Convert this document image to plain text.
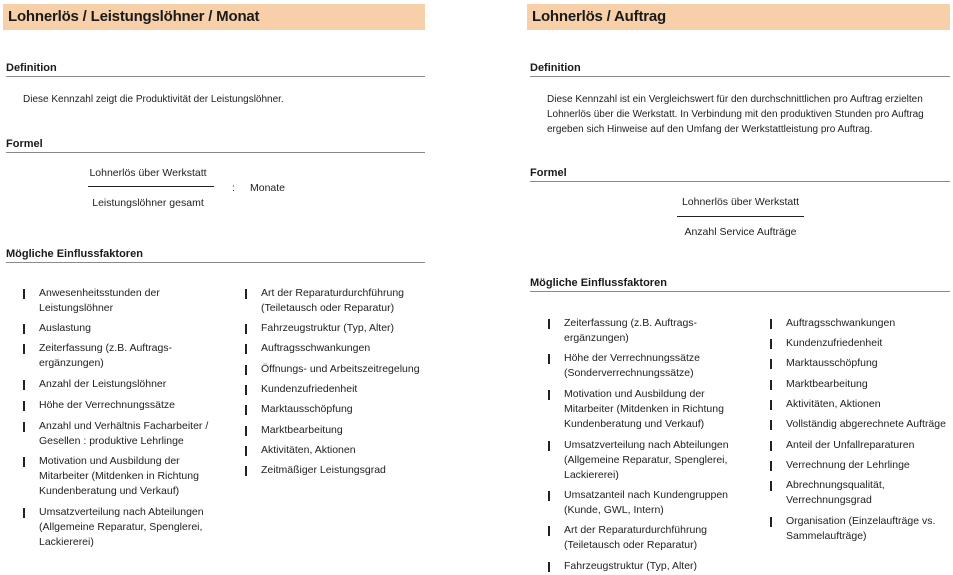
Lohnerlös / Leistungslöhner / Monat
Definition
Diese Kennzahl zeigt die Produktivität der Leistungslöhner.
Formel
Lohnerlös über Werkstatt
Leistungslöhner gesamt
: Monate
Mögliche Einflussfaktoren
Anwesenheitsstunden der Leistungslöhner
Auslastung
Zeiterfassung (z.B. Auftrags-ergänzungen)
Anzahl der Leistungslöhner
Höhe der Verrechnungssätze
Anzahl und Verhältnis Facharbeiter / Gesellen : produktive Lehrlinge
Motivation und Ausbildung der Mitarbeiter (Mitdenken in Richtung Kundenberatung und Verkauf)
Umsatzverteilung nach Abteilungen (Allgemeine Reparatur, Spenglerei, Lackiererei)
Art der Reparaturdurchführung (Teiletausch oder Reparatur)
Fahrzeugstruktur (Typ, Alter)
Auftragsschwankungen
Öffnungs- und Arbeitszeitregelung
Kundenzufriedenheit
Marktausschöpfung
Marktbearbeitung
Aktivitäten, Aktionen
Zeitmäßiger Leistungsgrad
Lohnerlös / Auftrag
Definition
Diese Kennzahl ist ein Vergleichswert für den durchschnittlichen pro Auftrag erzielten Lohnerlös über die Werkstatt. In Verbindung mit den produktiven Stunden pro Auftrag ergeben sich Hinweise auf den Umfang der Werkstattleistung pro Auftrag.
Formel
Lohnerlös über Werkstatt
Anzahl Service Aufträge
Mögliche Einflussfaktoren
Zeiterfassung (z.B. Auftrags-ergänzungen)
Höhe der Verrechnungssätze (Sonderverrechnungssätze)
Motivation und Ausbildung der Mitarbeiter (Mitdenken in Richtung Kundenberatung und Verkauf)
Umsatzverteilung nach Abteilungen (Allgemeine Reparatur, Spenglerei, Lackiererei)
Umsatzanteil nach Kundengruppen (Kunde, GWL, Intern)
Art der Reparaturdurchführung (Teiletausch oder Reparatur)
Fahrzeugstruktur (Typ, Alter)
Auftragsschwankungen
Kundenzufriedenheit
Marktausschöpfung
Marktbearbeitung
Aktivitäten, Aktionen
Vollständig abgerechnete Aufträge
Anteil der Unfallreparaturen
Verrechnung der Lehrlinge
Abrechnungsqualität, Verrechnungsgrad
Organisation (Einzelaufträge vs. Sammelaufträge)
